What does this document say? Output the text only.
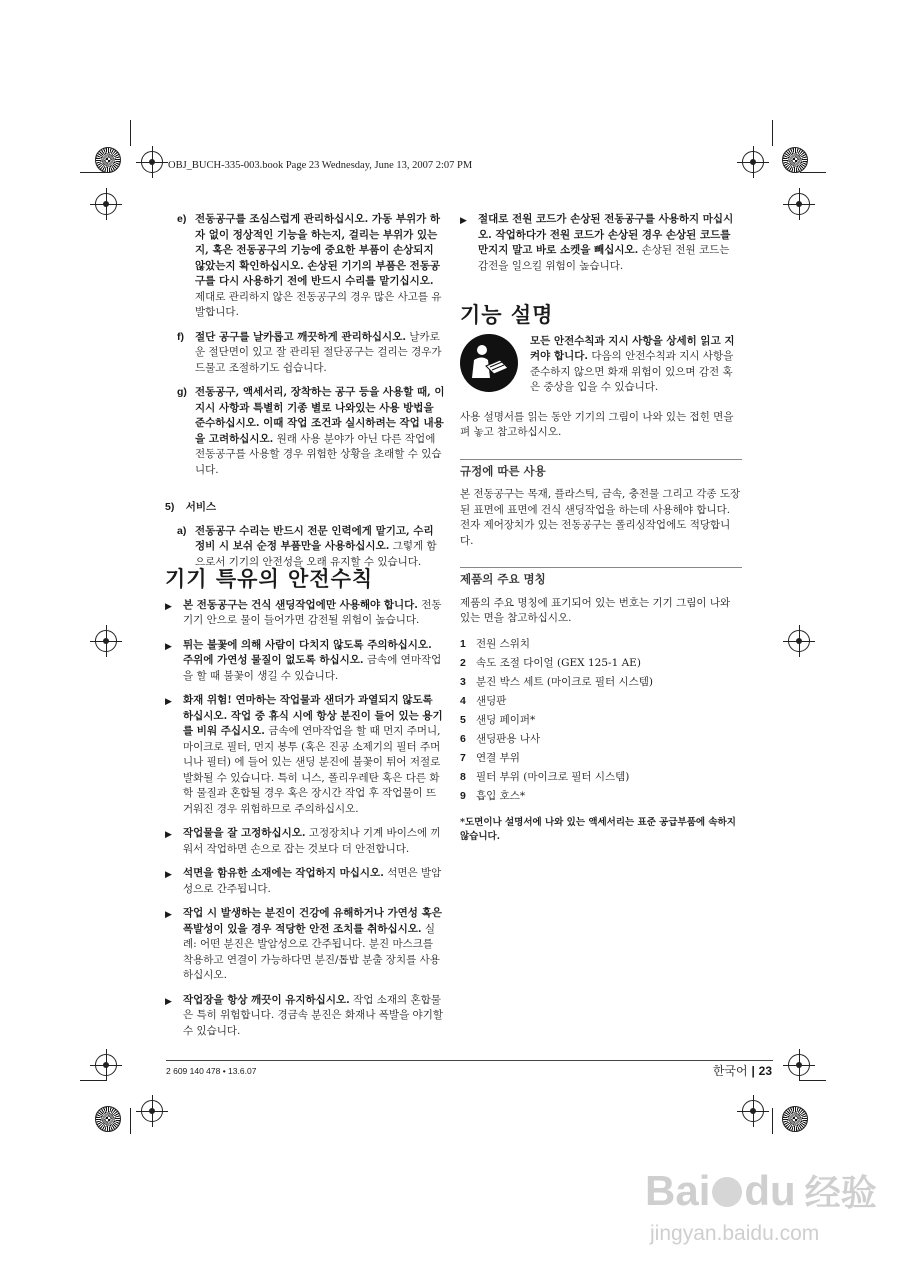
OBJ_BUCH-335-003.book Page 23 Wednesday, June 13, 2007 2:07 PM
e) 전동공구를 조심스럽게 관리하십시오. 가동 부위가 하자 없이 정상적인 기능을 하는지, 걸리는 부위가 있는지, 혹은 전동공구의 기능에 중요한 부품이 손상되지 않았는지 확인하십시오. 손상된 기기의 부품은 전동공구를 다시 사용하기 전에 반드시 수리를 맡기십시오. 제대로 관리하지 않은 전동공구의 경우 많은 사고를 유발합니다.

f) 절단 공구를 날카롭고 깨끗하게 관리하십시오. 날카로운 절단면이 있고 잘 관리된 절단공구는 걸리는 경우가 드물고 조절하기도 쉽습니다.

g) 전동공구, 액세서리, 장착하는 공구 등을 사용할 때, 이 지시 사항과 특별히 기종 별로 나와있는 사용 방법을 준수하십시오. 이때 작업 조건과 실시하려는 작업 내용을 고려하십시오. 원래 사용 분야가 아닌 다른 작업에 전동공구를 사용할 경우 위험한 상황을 초래할 수 있습니다.

5) 서비스
a) 전동공구 수리는 반드시 전문 인력에게 맡기고, 수리 정비 시 보쉬 순정 부품만을 사용하십시오. 그렇게 함으로서 기기의 안전성을 오래 유지할 수 있습니다.

기기 특유의 안전수칙
▶ 본 전동공구는 건식 샌딩작업에만 사용해야 합니다. 전동기기 안으로 물이 들어가면 감전될 위험이 높습니다.

▶ 튀는 불꽃에 의해 사람이 다치지 않도록 주의하십시오. 주위에 가연성 물질이 없도록 하십시오. 금속에 연마작업을 할 때 불꽃이 생길 수 있습니다.

▶ 화재 위험! 연마하는 작업물과 샌더가 과열되지 않도록 하십시오. 작업 중 휴식 시에 항상 분진이 들어 있는 용기를 비워 주십시오. 금속에 연마작업을 할 때 먼지 주머니, 마이크로 필터, 먼지 봉투 (혹은 진공 소제기의 필터 주머니나 필터) 에 들어 있는 샌딩 분진에 불꽃이 튀어 저절로 발화될 수 있습니다. 특히 니스, 폴리우레탄 혹은 다른 화학 물질과 혼합될 경우 혹은 장시간 작업 후 작업물이 뜨거워진 경우 위험하므로 주의하십시오.

▶ 작업물을 잘 고정하십시오. 고정장치나 기계 바이스에 끼워서 작업하면 손으로 잡는 것보다 더 안전합니다.

▶ 석면을 함유한 소재에는 작업하지 마십시오. 석면은 발암성으로 간주됩니다.

▶ 작업 시 발생하는 분진이 건강에 유해하거나 가연성 혹은 폭발성이 있을 경우 적당한 안전 조치를 취하십시오. 실례: 어떤 분진은 발암성으로 간주됩니다. 분진 마스크를 착용하고 연결이 가능하다면 분진/톱밥 분출 장치를 사용하십시오.

▶ 작업장을 항상 깨끗이 유지하십시오. 작업 소재의 혼합물은 특히 위험합니다. 경금속 분진은 화재나 폭발을 야기할 수 있습니다.

▶ 절대로 전원 코드가 손상된 전동공구를 사용하지 마십시오. 작업하다가 전원 코드가 손상된 경우 손상된 코드를 만지지 말고 바로 소켓을 빼십시오. 손상된 전원 코드는 감전을 일으킬 위험이 높습니다.

기능 설명

모든 안전수칙과 지시 사항을 상세히 읽고 지켜야 합니다. 다음의 안전수칙과 지시 사항을 준수하지 않으면 화재 위험이 있으며 감전 혹은 중상을 입을 수 있습니다.

사용 설명서를 읽는 동안 기기의 그림이 나와 있는 접힌 면을 펴 놓고 참고하십시오.

규정에 따른 사용

본 전동공구는 목재, 플라스틱, 금속, 충전물 그리고 각종 도장된 표면에 표면에 건식 샌딩작업을 하는데 사용해야 합니다.

전자 제어장치가 있는 전동공구는 폴리싱작업에도 적당합니다.

제품의 주요 명칭

제품의 주요 명칭에 표기되어 있는 번호는 기기 그림이 나와 있는 면을 참고하십시오.

1 전원 스위치
2 속도 조절 다이얼 (GEX 125-1 AE)
3 분진 박스 세트 (마이크로 필터 시스템)
4 샌딩판
5 샌딩 페이퍼*
6 샌딩판용 나사
7 연결 부위
8 필터 부위 (마이크로 필터 시스템)
9 흡입 호스*

*도면이나 설명서에 나와 있는 액세서리는 표준 공급부품에 속하지 않습니다.

2 609 140 478 • 13.6.07	한국어 | 23
Bai du 经验
jingyan.baidu.com
